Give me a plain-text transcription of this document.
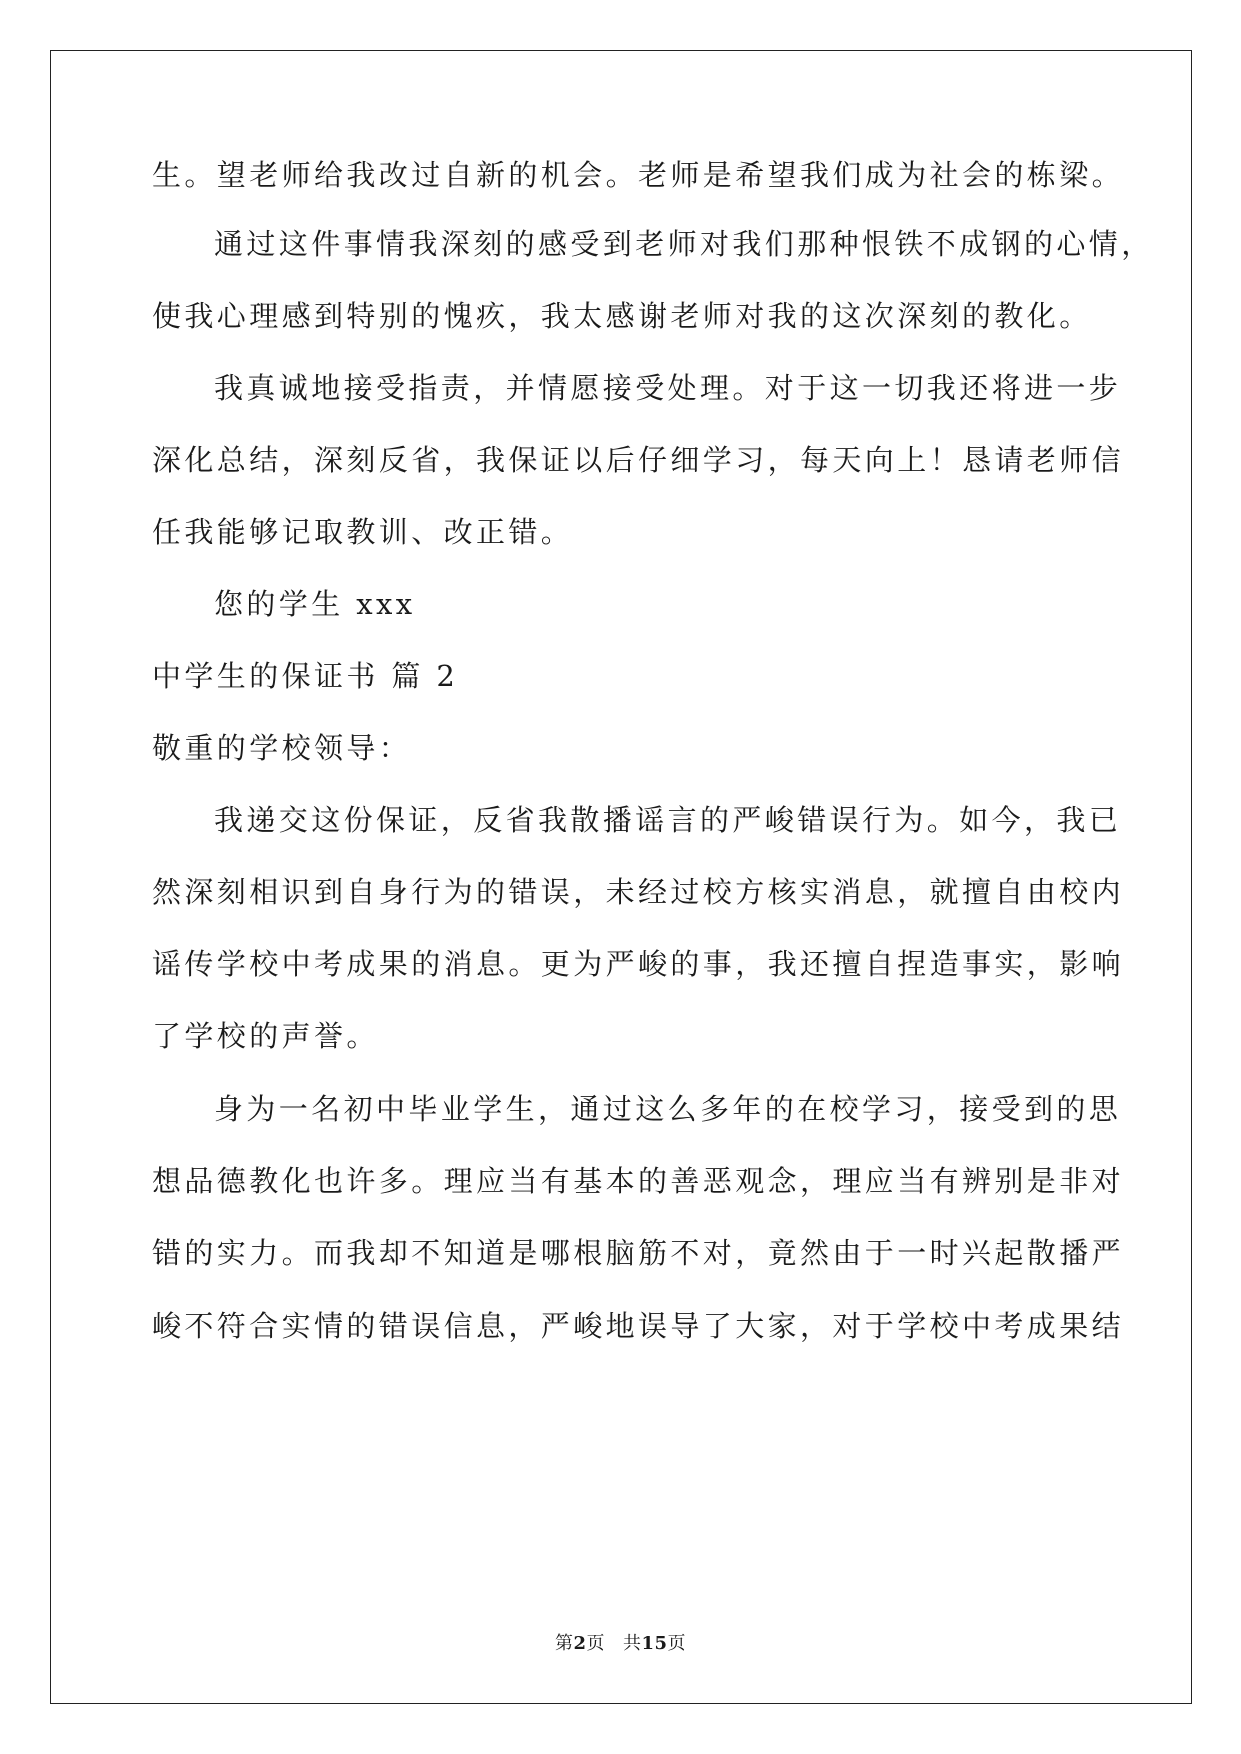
生。望老师给我改过自新的机会。老师是希望我们成为社会的栋梁。
通过这件事情我深刻的感受到老师对我们那种恨铁不成钢的心情，
使我心理感到特别的愧疚，我太感谢老师对我的这次深刻的教化。
我真诚地接受指责，并情愿接受处理。对于这一切我还将进一步
深化总结，深刻反省，我保证以后仔细学习，每天向上！恳请老师信
任我能够记取教训、改正错。
您的学生 xxx
中学生的保证书 篇 2
敬重的学校领导：
我递交这份保证，反省我散播谣言的严峻错误行为。如今，我已
然深刻相识到自身行为的错误，未经过校方核实消息，就擅自由校内
谣传学校中考成果的消息。更为严峻的事，我还擅自捏造事实，影响
了学校的声誉。
身为一名初中毕业学生，通过这么多年的在校学习，接受到的思
想品德教化也许多。理应当有基本的善恶观念，理应当有辨别是非对
错的实力。而我却不知道是哪根脑筋不对，竟然由于一时兴起散播严
峻不符合实情的错误信息，严峻地误导了大家，对于学校中考成果结
第2页 共15页
